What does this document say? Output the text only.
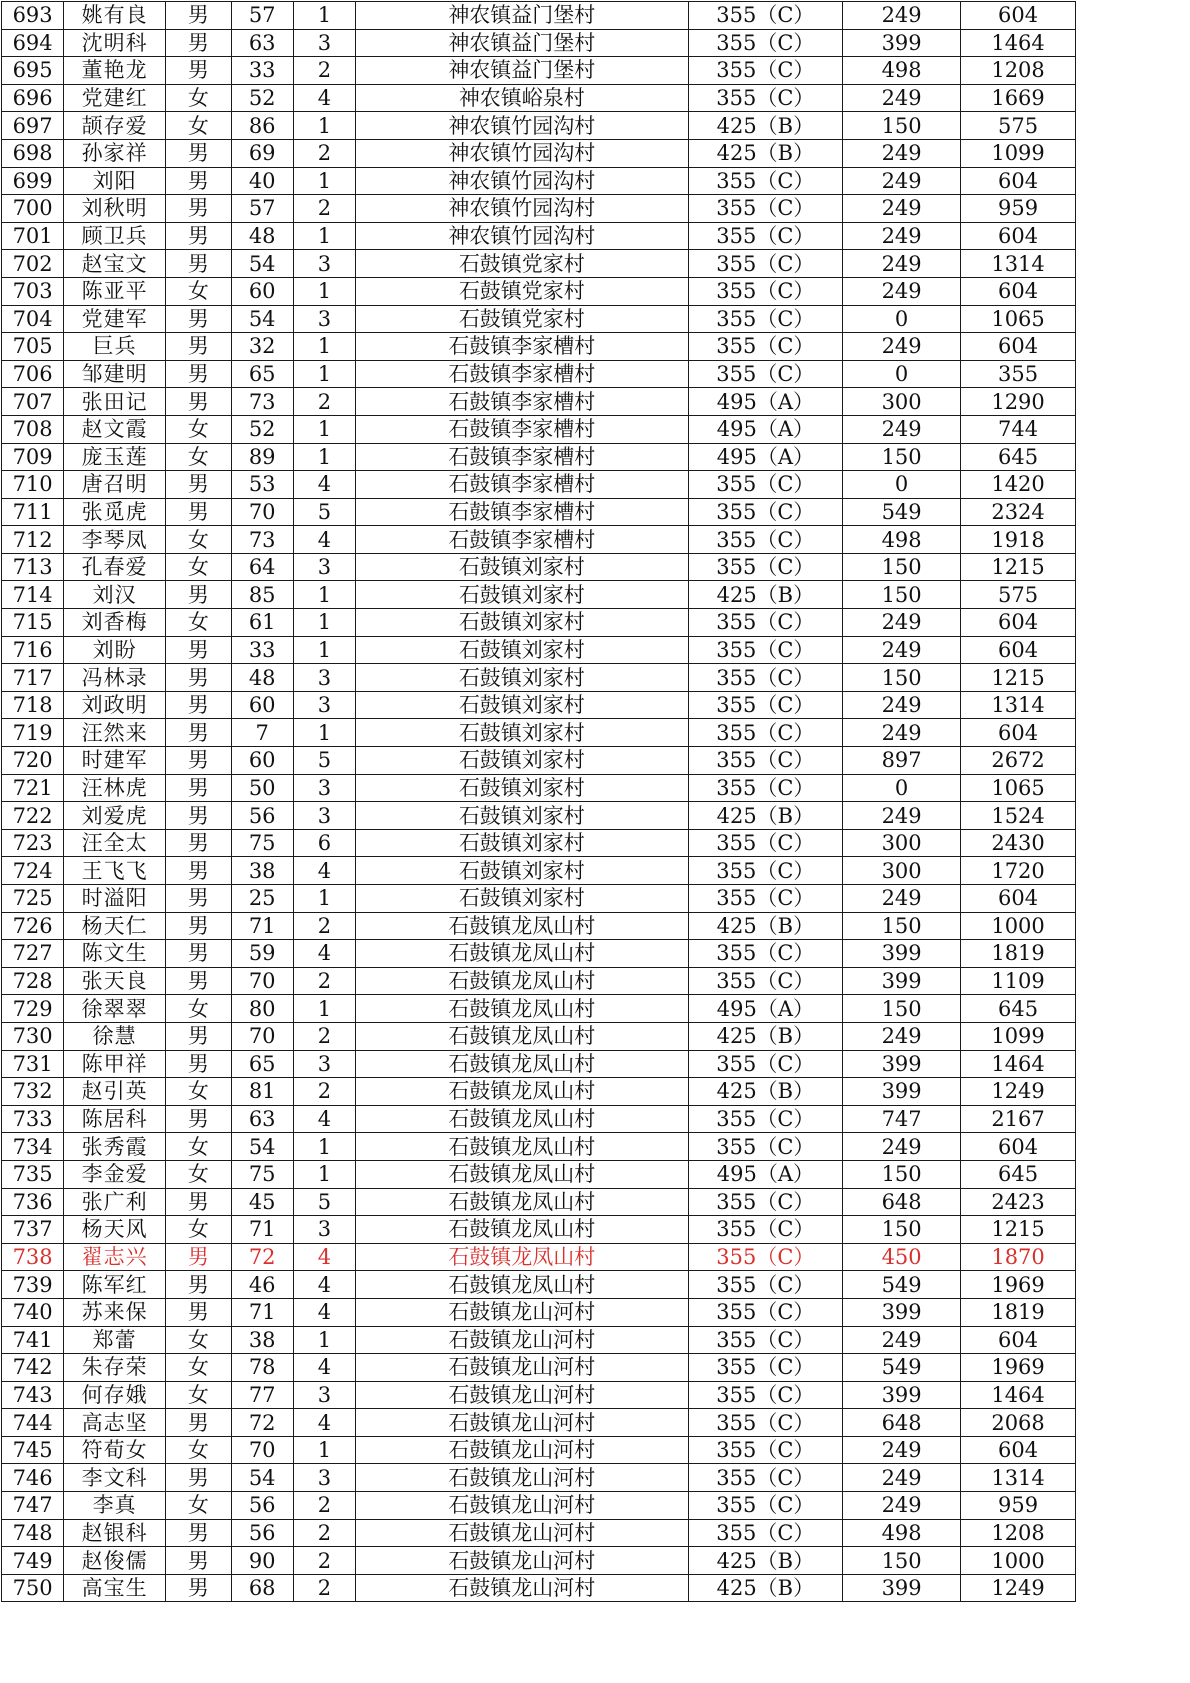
693	姚有良	男	57	1	神农镇益门堡村	355（C）	249	604
694	沈明科	男	63	3	神农镇益门堡村	355（C）	399	1464
695	董艳龙	男	33	2	神农镇益门堡村	355（C）	498	1208
696	党建红	女	52	4	神农镇峪泉村	355（C）	249	1669
697	颉存爱	女	86	1	神农镇竹园沟村	425（B）	150	575
698	孙家祥	男	69	2	神农镇竹园沟村	425（B）	249	1099
699	刘阳	男	40	1	神农镇竹园沟村	355（C）	249	604
700	刘秋明	男	57	2	神农镇竹园沟村	355（C）	249	959
701	顾卫兵	男	48	1	神农镇竹园沟村	355（C）	249	604
702	赵宝文	男	54	3	石鼓镇党家村	355（C）	249	1314
703	陈亚平	女	60	1	石鼓镇党家村	355（C）	249	604
704	党建军	男	54	3	石鼓镇党家村	355（C）	0	1065
705	巨兵	男	32	1	石鼓镇李家槽村	355（C）	249	604
706	邹建明	男	65	1	石鼓镇李家槽村	355（C）	0	355
707	张田记	男	73	2	石鼓镇李家槽村	495（A）	300	1290
708	赵文霞	女	52	1	石鼓镇李家槽村	495（A）	249	744
709	庞玉莲	女	89	1	石鼓镇李家槽村	495（A）	150	645
710	唐召明	男	53	4	石鼓镇李家槽村	355（C）	0	1420
711	张觅虎	男	70	5	石鼓镇李家槽村	355（C）	549	2324
712	李琴凤	女	73	4	石鼓镇李家槽村	355（C）	498	1918
713	孔春爱	女	64	3	石鼓镇刘家村	355（C）	150	1215
714	刘汉	男	85	1	石鼓镇刘家村	425（B）	150	575
715	刘香梅	女	61	1	石鼓镇刘家村	355（C）	249	604
716	刘盼	男	33	1	石鼓镇刘家村	355（C）	249	604
717	冯林录	男	48	3	石鼓镇刘家村	355（C）	150	1215
718	刘政明	男	60	3	石鼓镇刘家村	355（C）	249	1314
719	汪然来	男	7	1	石鼓镇刘家村	355（C）	249	604
720	时建军	男	60	5	石鼓镇刘家村	355（C）	897	2672
721	汪林虎	男	50	3	石鼓镇刘家村	355（C）	0	1065
722	刘爱虎	男	56	3	石鼓镇刘家村	425（B）	249	1524
723	汪全太	男	75	6	石鼓镇刘家村	355（C）	300	2430
724	王飞飞	男	38	4	石鼓镇刘家村	355（C）	300	1720
725	时溢阳	男	25	1	石鼓镇刘家村	355（C）	249	604
726	杨天仁	男	71	2	石鼓镇龙凤山村	425（B）	150	1000
727	陈文生	男	59	4	石鼓镇龙凤山村	355（C）	399	1819
728	张天良	男	70	2	石鼓镇龙凤山村	355（C）	399	1109
729	徐翠翠	女	80	1	石鼓镇龙凤山村	495（A）	150	645
730	徐慧	男	70	2	石鼓镇龙凤山村	425（B）	249	1099
731	陈甲祥	男	65	3	石鼓镇龙凤山村	355（C）	399	1464
732	赵引英	女	81	2	石鼓镇龙凤山村	425（B）	399	1249
733	陈居科	男	63	4	石鼓镇龙凤山村	355（C）	747	2167
734	张秀霞	女	54	1	石鼓镇龙凤山村	355（C）	249	604
735	李金爱	女	75	1	石鼓镇龙凤山村	495（A）	150	645
736	张广利	男	45	5	石鼓镇龙凤山村	355（C）	648	2423
737	杨天风	女	71	3	石鼓镇龙凤山村	355（C）	150	1215
738	翟志兴	男	72	4	石鼓镇龙凤山村	355（C）	450	1870
739	陈军红	男	46	4	石鼓镇龙凤山村	355（C）	549	1969
740	苏来保	男	71	4	石鼓镇龙山河村	355（C）	399	1819
741	郑蕾	女	38	1	石鼓镇龙山河村	355（C）	249	604
742	朱存荣	女	78	4	石鼓镇龙山河村	355（C）	549	1969
743	何存娥	女	77	3	石鼓镇龙山河村	355（C）	399	1464
744	高志坚	男	72	4	石鼓镇龙山河村	355（C）	648	2068
745	符荀女	女	70	1	石鼓镇龙山河村	355（C）	249	604
746	李文科	男	54	3	石鼓镇龙山河村	355（C）	249	1314
747	李真	女	56	2	石鼓镇龙山河村	355（C）	249	959
748	赵银科	男	56	2	石鼓镇龙山河村	355（C）	498	1208
749	赵俊儒	男	90	2	石鼓镇龙山河村	425（B）	150	1000
750	高宝生	男	68	2	石鼓镇龙山河村	425（B）	399	1249
